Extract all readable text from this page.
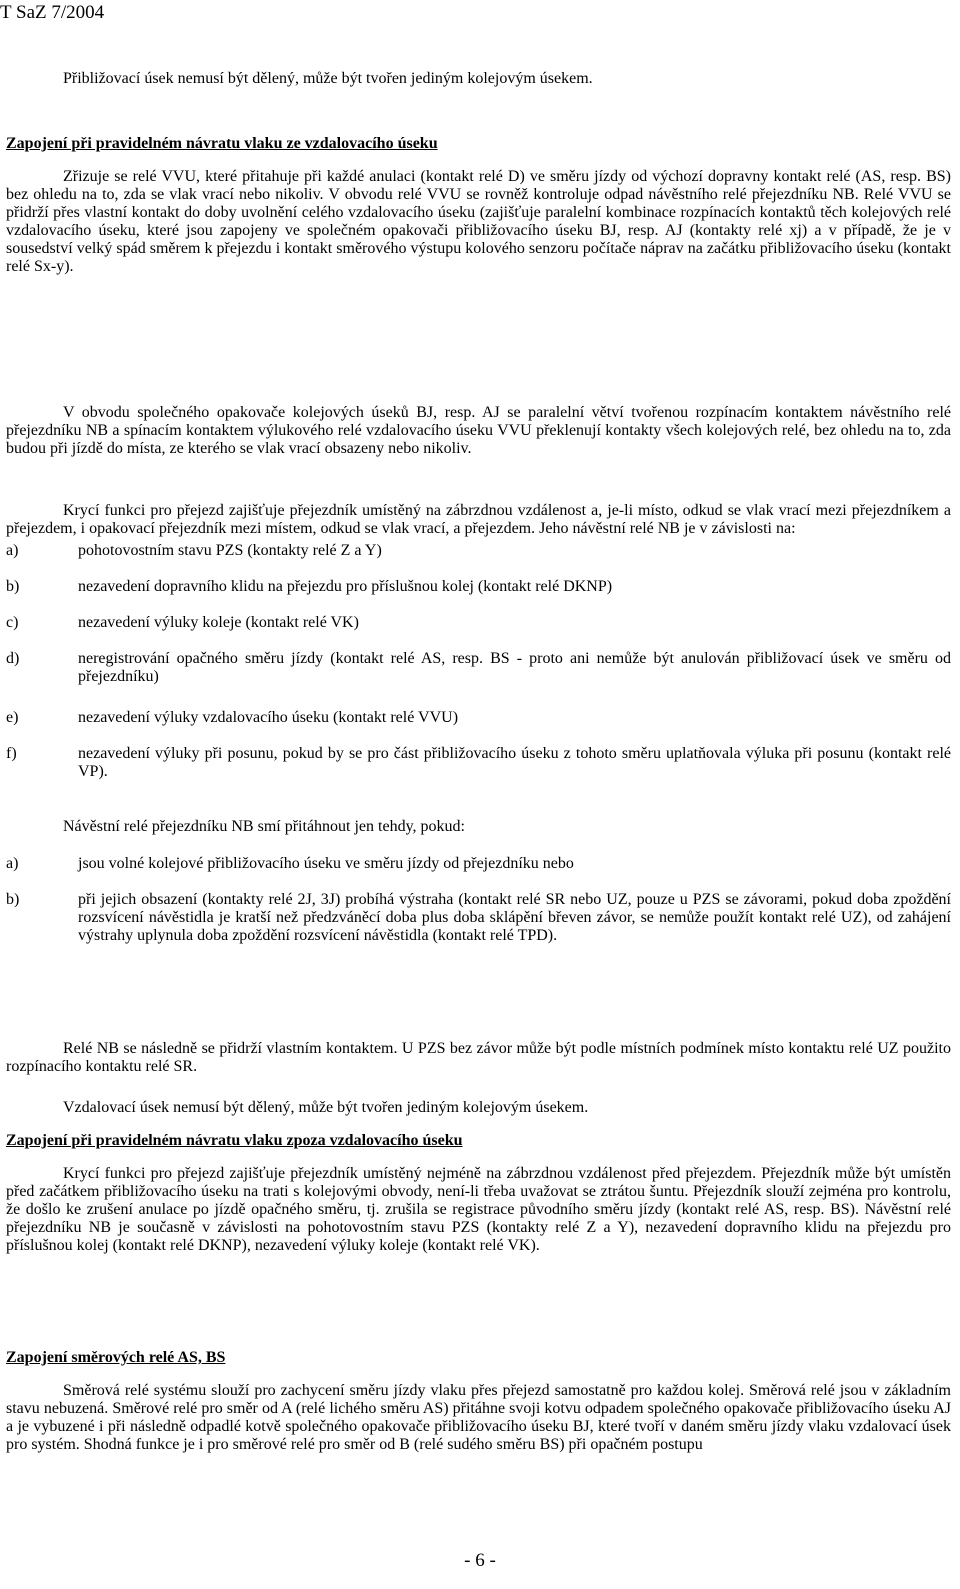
T SaZ 7/2004

Přibližovací úsek nemusí být dělený, může být tvořen jediným kolejovým úsekem.

Zapojení při pravidelném návratu vlaku ze vzdalovacího úseku

Zřizuje se relé VVU, které přitahuje při každé anulaci (kontakt relé D) ve směru jízdy od výchozí dopravny kontakt relé (AS, resp. BS) bez ohledu na to, zda se vlak vrací nebo nikoliv. V obvodu relé VVU se rovněž kontroluje odpad návěstního relé přejezdníku NB. Relé VVU se přidrží přes vlastní kontakt do doby uvolnění celého vzdalovacího úseku (zajišťuje paralelní kombinace rozpínacích kontaktů těch kolejových relé vzdalovacího úseku, které jsou zapojeny ve společném opakovači přibližovacího úseku BJ, resp. AJ (kontakty relé xj) a v případě, že je v sousedství velký spád směrem k přejezdu i kontakt směrového výstupu kolového senzoru počítače náprav na začátku přibližovacího úseku (kontakt relé Sx-y).

V obvodu společného opakovače kolejových úseků BJ, resp. AJ se paralelní větví tvořenou rozpínacím kontaktem návěstního relé přejezdníku NB a spínacím kontaktem výlukového relé vzdalovacího úseku VVU překlenují kontakty všech kolejových relé, bez ohledu na to, zda budou při jízdě do místa, ze kterého se vlak vrací obsazeny nebo nikoliv.

Krycí funkci pro přejezd zajišťuje přejezdník umístěný na zábrzdnou vzdálenost a, je-li místo, odkud se vlak vrací mezi přejezdníkem a přejezdem, i opakovací přejezdník mezi místem, odkud se vlak vrací, a přejezdem. Jeho návěstní relé NB je v závislosti na:

a)	pohotovostním stavu PZS (kontakty relé Z a Y)
b)	nezavedení dopravního klidu na přejezdu pro příslušnou kolej (kontakt relé DKNP)
c)	nezavedení výluky koleje (kontakt relé VK)
d)	neregistrování opačného směru jízdy (kontakt relé AS, resp. BS - proto ani nemůže být anulován přibližovací úsek ve směru od přejezdníku)
e)	nezavedení výluky vzdalovacího úseku (kontakt relé VVU)
f)	nezavedení výluky při posunu, pokud by se pro část přibližovacího úseku z tohoto směru uplatňovala výluka při posunu (kontakt relé VP).

Návěstní relé přejezdníku NB smí přitáhnout jen tehdy, pokud:

a)	jsou volné kolejové přibližovacího úseku ve směru jízdy od přejezdníku nebo
b)	při jejich obsazení (kontakty relé 2J, 3J) probíhá výstraha (kontakt relé SR nebo UZ, pouze u PZS se závorami, pokud doba zpoždění rozsvícení návěstidla je kratší než předzváněcí doba plus doba sklápění břeven závor, se nemůže použít kontakt relé UZ), od zahájení výstrahy uplynula doba zpoždění rozsvícení návěstidla (kontakt relé TPD).

Relé NB se následně se přidrží vlastním kontaktem. U PZS bez závor může být podle místních podmínek místo kontaktu relé UZ použito rozpínacího kontaktu relé SR.

Vzdalovací úsek nemusí být dělený, může být tvořen jediným kolejovým úsekem.

Zapojení při pravidelném návratu vlaku zpoza vzdalovacího úseku

Krycí funkci pro přejezd zajišťuje přejezdník umístěný nejméně na zábrzdnou vzdálenost před přejezdem. Přejezdník může být umístěn před začátkem přibližovacího úseku na trati s kolejovými obvody, není-li třeba uvažovat se ztrátou šuntu. Přejezdník slouží zejména pro kontrolu, že došlo ke zrušení anulace po jízdě opačného směru, tj. zrušila se registrace původního směru jízdy (kontakt relé AS, resp. BS). Návěstní relé přejezdníku NB je současně v závislosti na pohotovostním stavu PZS (kontakty relé Z a Y), nezavedení dopravního klidu na přejezdu pro příslušnou kolej (kontakt relé DKNP), nezavedení výluky koleje (kontakt relé VK).

Zapojení směrových relé AS, BS

Směrová relé systému slouží pro zachycení směru jízdy vlaku přes přejezd samostatně pro každou kolej. Směrová relé jsou v základním stavu nebuzená. Směrové relé pro směr od A (relé lichého směru AS) přitáhne svoji kotvu odpadem společného opakovače přibližovacího úseku AJ a je vybuzené i při následně odpadlé kotvě společného opakovače přibližovacího úseku BJ, které tvoří v daném směru jízdy vlaku vzdalovací úsek pro systém. Shodná funkce je i pro směrové relé pro směr od B (relé sudého směru BS) při opačném postupu

- 6 -
